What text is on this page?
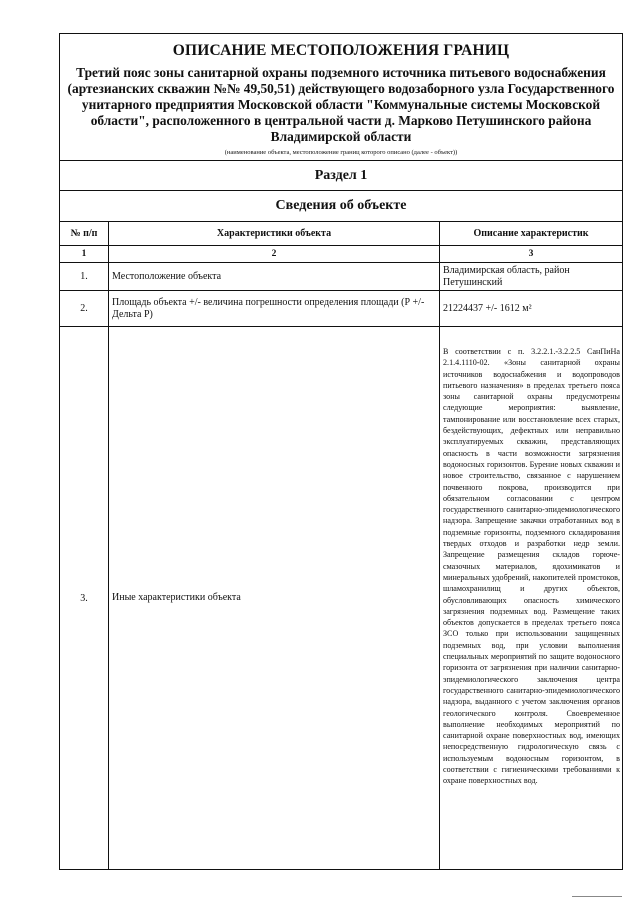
ОПИСАНИЕ МЕСТОПОЛОЖЕНИЯ ГРАНИЦ
Третий пояс зоны санитарной охраны подземного источника питьевого водоснабжения (артезианских скважин №№ 49,50,51) действующего водозаборного узла Государственного унитарного предприятия Московской области "Коммунальные системы Московской области", расположенного в центральной части д. Марково Петушинского района Владимирской области
(наименование объекта, местоположение границ которого описано (далее - объект))		

Раздел 1		
Сведения об объекте		
№ п/п	Характеристики объекта	Описание характеристик
1	2	3
1.	Местоположение объекта	Владимирская область, район Петушинский
2.	Площадь объекта +/- величина погрешности определения площади (Р +/- Дельта Р)	21224437 +/- 1612 м²
3.	Иные характеристики объекта	В соответствии с п. 3.2.2.1.-3.2.2.5 СанПиНа 2.1.4.1110-02. «Зоны санитарной охраны источников водоснабжения и водопроводов питьевого назначения» в пределах третьего пояса зоны санитарной охраны предусмотрены следующие мероприятия: выявление, тампонирование или восстановление всех старых, бездействующих, дефектных или неправильно эксплуатируемых скважин, представляющих опасность в части возможности загрязнения водоносных горизонтов. Бурение новых скважин и новое строительство, связанное с нарушением почвенного покрова, производится при обязательном согласовании с центром государственного санитарно-эпидемиологического надзора. Запрещение закачки отработанных вод в подземные горизонты, подземного складирования твердых отходов и разработки недр земли. Запрещение размещения складов горюче-смазочных материалов, ядохимикатов и минеральных удобрений, накопителей промстоков, шламохранилищ и других объектов, обусловливающих опасность химического загрязнения подземных вод. Размещение таких объектов допускается в пределах третьего пояса ЗСО только при использовании защищенных подземных вод, при условии выполнения специальных мероприятий по защите водоносного горизонта от загрязнения при наличии санитарно-эпидемиологического заключения центра государственного санитарно-эпидемиологического надзора, выданного с учетом заключения органов геологического контроля. Своевременное выполнение необходимых мероприятий по санитарной охране поверхностных вод, имеющих непосредственную гидрологическую связь с используемым водоносным горизонтом, в соответствии с гигиеническими требованиями к охране поверхностных вод.
